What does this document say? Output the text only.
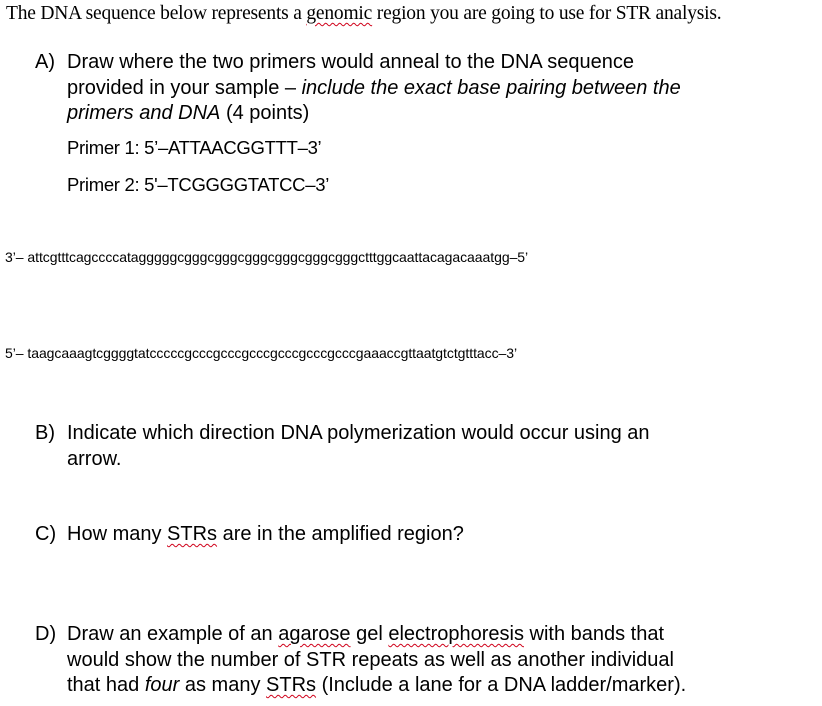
The DNA sequence below represents a genomic region you are going to use for STR analysis.
A) Draw where the two primers would anneal to the DNA sequence
provided in your sample – include the exact base pairing between the
primers and DNA (4 points)
Primer 1: 5’–ATTAACGGTTT–3’
Primer 2: 5'–TCGGGGTATCC–3’
3’– attcgtttcagccccatagggggcgggcgggcgggcgggcgggcgggctttggcaattacagacaaatgg–5’
5’– taagcaaagtcggggtatcccccgcccgcccgcccgcccgcccgcccgaaaccgttaatgtctgtttacc–3’
B) Indicate which direction DNA polymerization would occur using an
arrow.
C) How many STRs are in the amplified region?
D) Draw an example of an agarose gel electrophoresis with bands that
would show the number of STR repeats as well as another individual
that had four as many STRs (Include a lane for a DNA ladder/marker).
